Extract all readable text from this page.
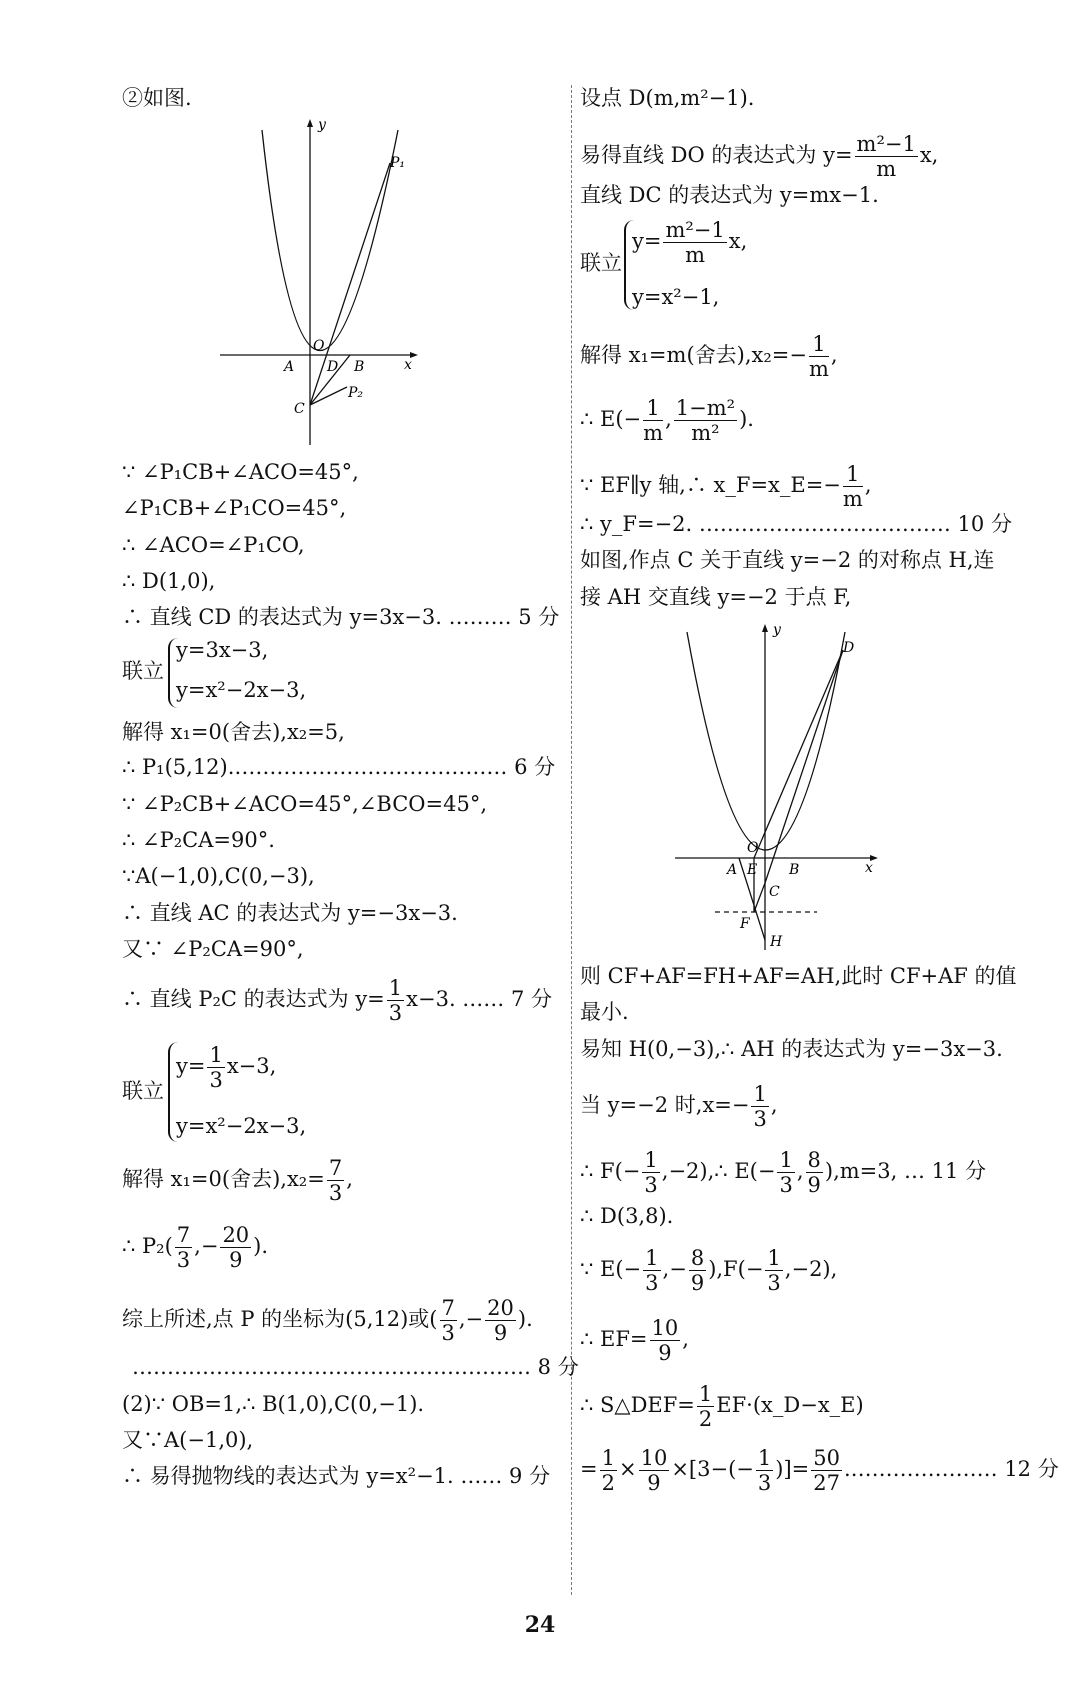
②如图.
y
x
O
A D B
C
P₁
P₂
∵ ∠P₁CB+∠ACO=45°,
∠P₁CB+∠P₁CO=45°,
∴ ∠ACO=∠P₁CO,
∴ D(1,0),
∴ 直线 CD 的表达式为 y=3x−3. ……… 5 分
联立
y=3x−3,
y=x²−2x−3,
解得 x₁=0(舍去),x₂=5,
∴ P₁(5,12).………………………………… 6 分
∵ ∠P₂CB+∠ACO=45°,∠BCO=45°,
∴ ∠P₂CA=90°.
∵A(−1,0),C(0,−3),
∴ 直线 AC 的表达式为 y=−3x−3.
又∵ ∠P₂CA=90°,
∴ 直线 P₂C 的表达式为 $y= \frac{1}{3} x-3$. …… 7 分
联立
$y= \frac{1}{3} x-3$,
y=x²−2x−3,
解得 x₁=0(舍去)$,x_2= \frac{7}{3}$ ,
∴ $P_2( \frac{7}{3}$ ,− $\frac{20}{9}$ ).
综上所述,点 P 的坐标为(5,12)或( $\frac{7}{3}$ ,− $\frac{20}{9}$ ).
………………………………………………… 8 分
(2)∵ OB=1,∴ B(1,0),C(0,−1).
又∵A(−1,0),
∴ 易得抛物线的表达式为 y=x²−1. …… 9 分
设点 D(m,m²−1).
易得直线 DO 的表达式为 $y= \frac{\text{m²−1}}{m} x$,
直线 DC 的表达式为 y=mx−1.
联立
$y= \frac{\text{m²−1}}{m} x$,
y=x²−1,
解得 x₁=m(舍去)$,x_2=- \frac{1}{m}$ ,
∴ $E(- \frac{1}{m}$ , $\frac{\text{1−m²}}{\text{m²}}$ ).
∵ EF∥y 轴,∴ x_F=x_E=− $\frac{1}{m}$ ,
∴ y_F=−2. ……………………………… 10 分
如图,作点 C 关于直线 y=−2 的对称点 H,连
接 AH 交直线 y=−2 于点 F,
y
x
O
A E B
C
D
F
H
则 CF+AF=FH+AF=AH,此时 CF+AF 的值
最小.
易知 H(0,−3),∴ AH 的表达式为 y=−3x−3.
当 y=−2 时$,x=- \frac{1}{3}$ ,
∴ $F(- \frac{1}{3}$ ,−2),∴ $E(- \frac{1}{3}$ , $\frac{8}{9} ),m=3$, … 11 分
∴ D(3,8).
∵ $E(- \frac{1}{3}$ ,− $\frac{8}{9} ),F(- \frac{1}{3} ,-2)$,
∴ $EF= \frac{10}{9}$ ,
∴ S△DEF= $\frac{1}{2}$ EF·(x_D−x_E)
= $\frac{1}{2} \times \frac{10}{9} \times[3-(- \frac{1}{3}$ )]= $\frac{50}{27}$ .………………… 12 分
24
